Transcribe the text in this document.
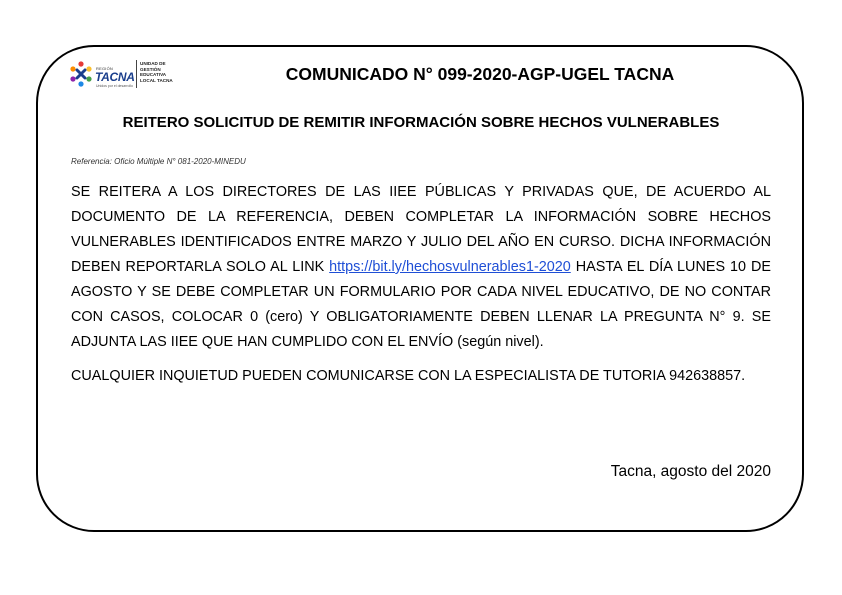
REGIÓN
TACNA
Unidos por el desarrollo
UNIDAD DE
GESTIÓN
EDUCATIVA
LOCAL TACNA	COMUNICADO N° 099-2020-AGP-UGEL TACNA
REITERO SOLICITUD DE REMITIR INFORMACIÓN SOBRE HECHOS VULNERABLES
Referencia: Oficio Múltiple N° 081-2020-MINEDU

SE REITERA A LOS DIRECTORES DE LAS IIEE PÚBLICAS Y PRIVADAS QUE, DE ACUERDO AL DOCUMENTO DE LA REFERENCIA, DEBEN COMPLETAR LA INFORMACIÓN SOBRE HECHOS VULNERABLES IDENTIFICADOS ENTRE MARZO Y JULIO DEL AÑO EN CURSO. DICHA INFORMACIÓN DEBEN REPORTARLA SOLO AL LINK https://bit.ly/hechosvulnerables1-2020 HASTA EL DÍA LUNES 10 DE AGOSTO Y SE DEBE COMPLETAR UN FORMULARIO POR CADA NIVEL EDUCATIVO, DE NO CONTAR CON CASOS, COLOCAR 0 (cero) Y OBLIGATORIAMENTE DEBEN LLENAR LA PREGUNTA N° 9. SE ADJUNTA LAS IIEE QUE HAN CUMPLIDO CON EL ENVÍO (según nivel).

CUALQUIER INQUIETUD PUEDEN COMUNICARSE CON LA ESPECIALISTA DE TUTORIA 942638857.

Tacna, agosto del 2020
